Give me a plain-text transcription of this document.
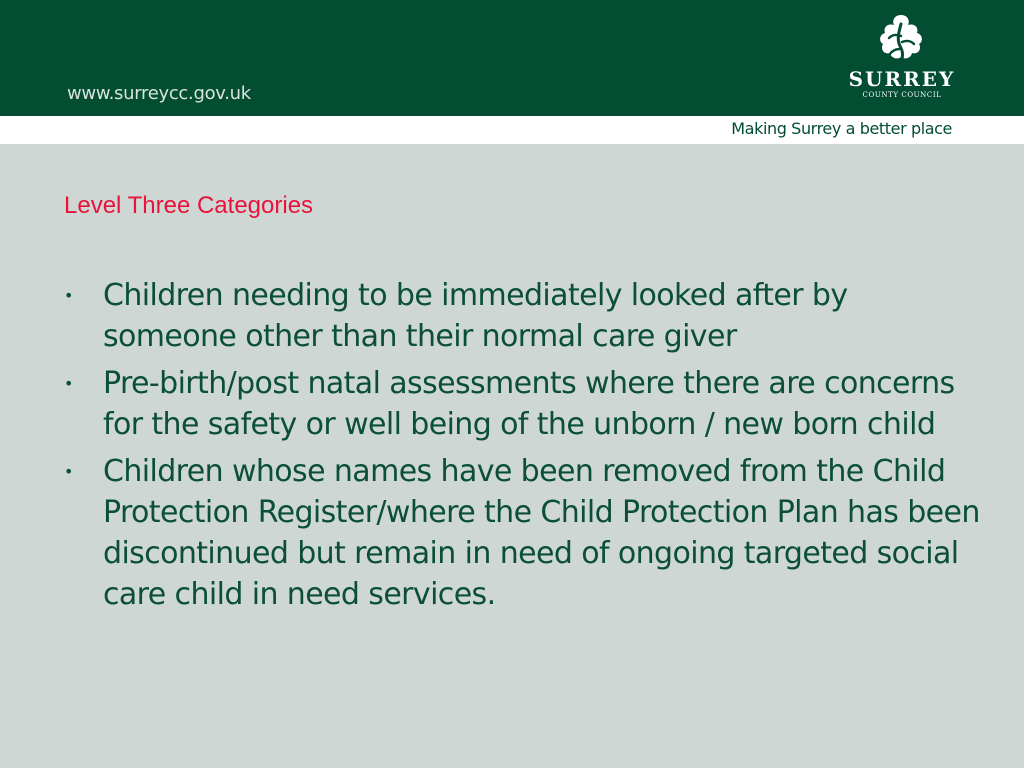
www.surreycc.gov.uk
SURREY
COUNTY COUNCIL
Making Surrey a better place
Level Three Categories
• Children needing to be immediately looked after by someone other than their normal care giver
• Pre-birth/post natal assessments where there are concerns for the safety or well being of the unborn / new born child
• Children whose names have been removed from the Child Protection Register/where the Child Protection Plan has been discontinued but remain in need of ongoing targeted social care child in need services.
